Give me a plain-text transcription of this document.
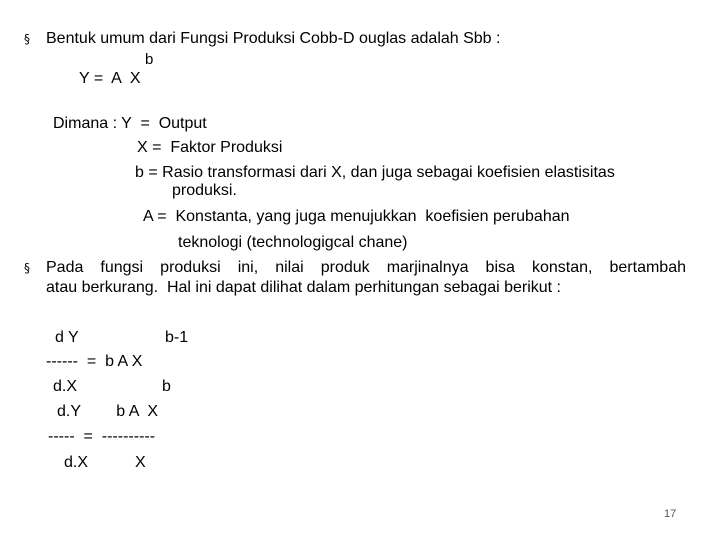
§ Bentuk umum dari Fungsi Produksi Cobb-D ouglas adalah Sbb :
b
Y =  A  X
Dimana : Y  =  Output
X =  Faktor Produksi
b = Rasio transformasi dari X, dan juga sebagai koefisien elastisitas
produksi.
A =  Konstanta, yang juga menujukkan  koefisien perubahan
teknologi (technologigcal chane)
§ Pada fungsi produksi ini, nilai produk marjinalnya bisa konstan, bertambah
atau berkurang.  Hal ini dapat dilihat dalam perhitungan sebagai berikut :
d Y	b-1
------  =  b A X
d.X	b
d.Y        b A  X
-----  =  ----------
d.X	X
17
